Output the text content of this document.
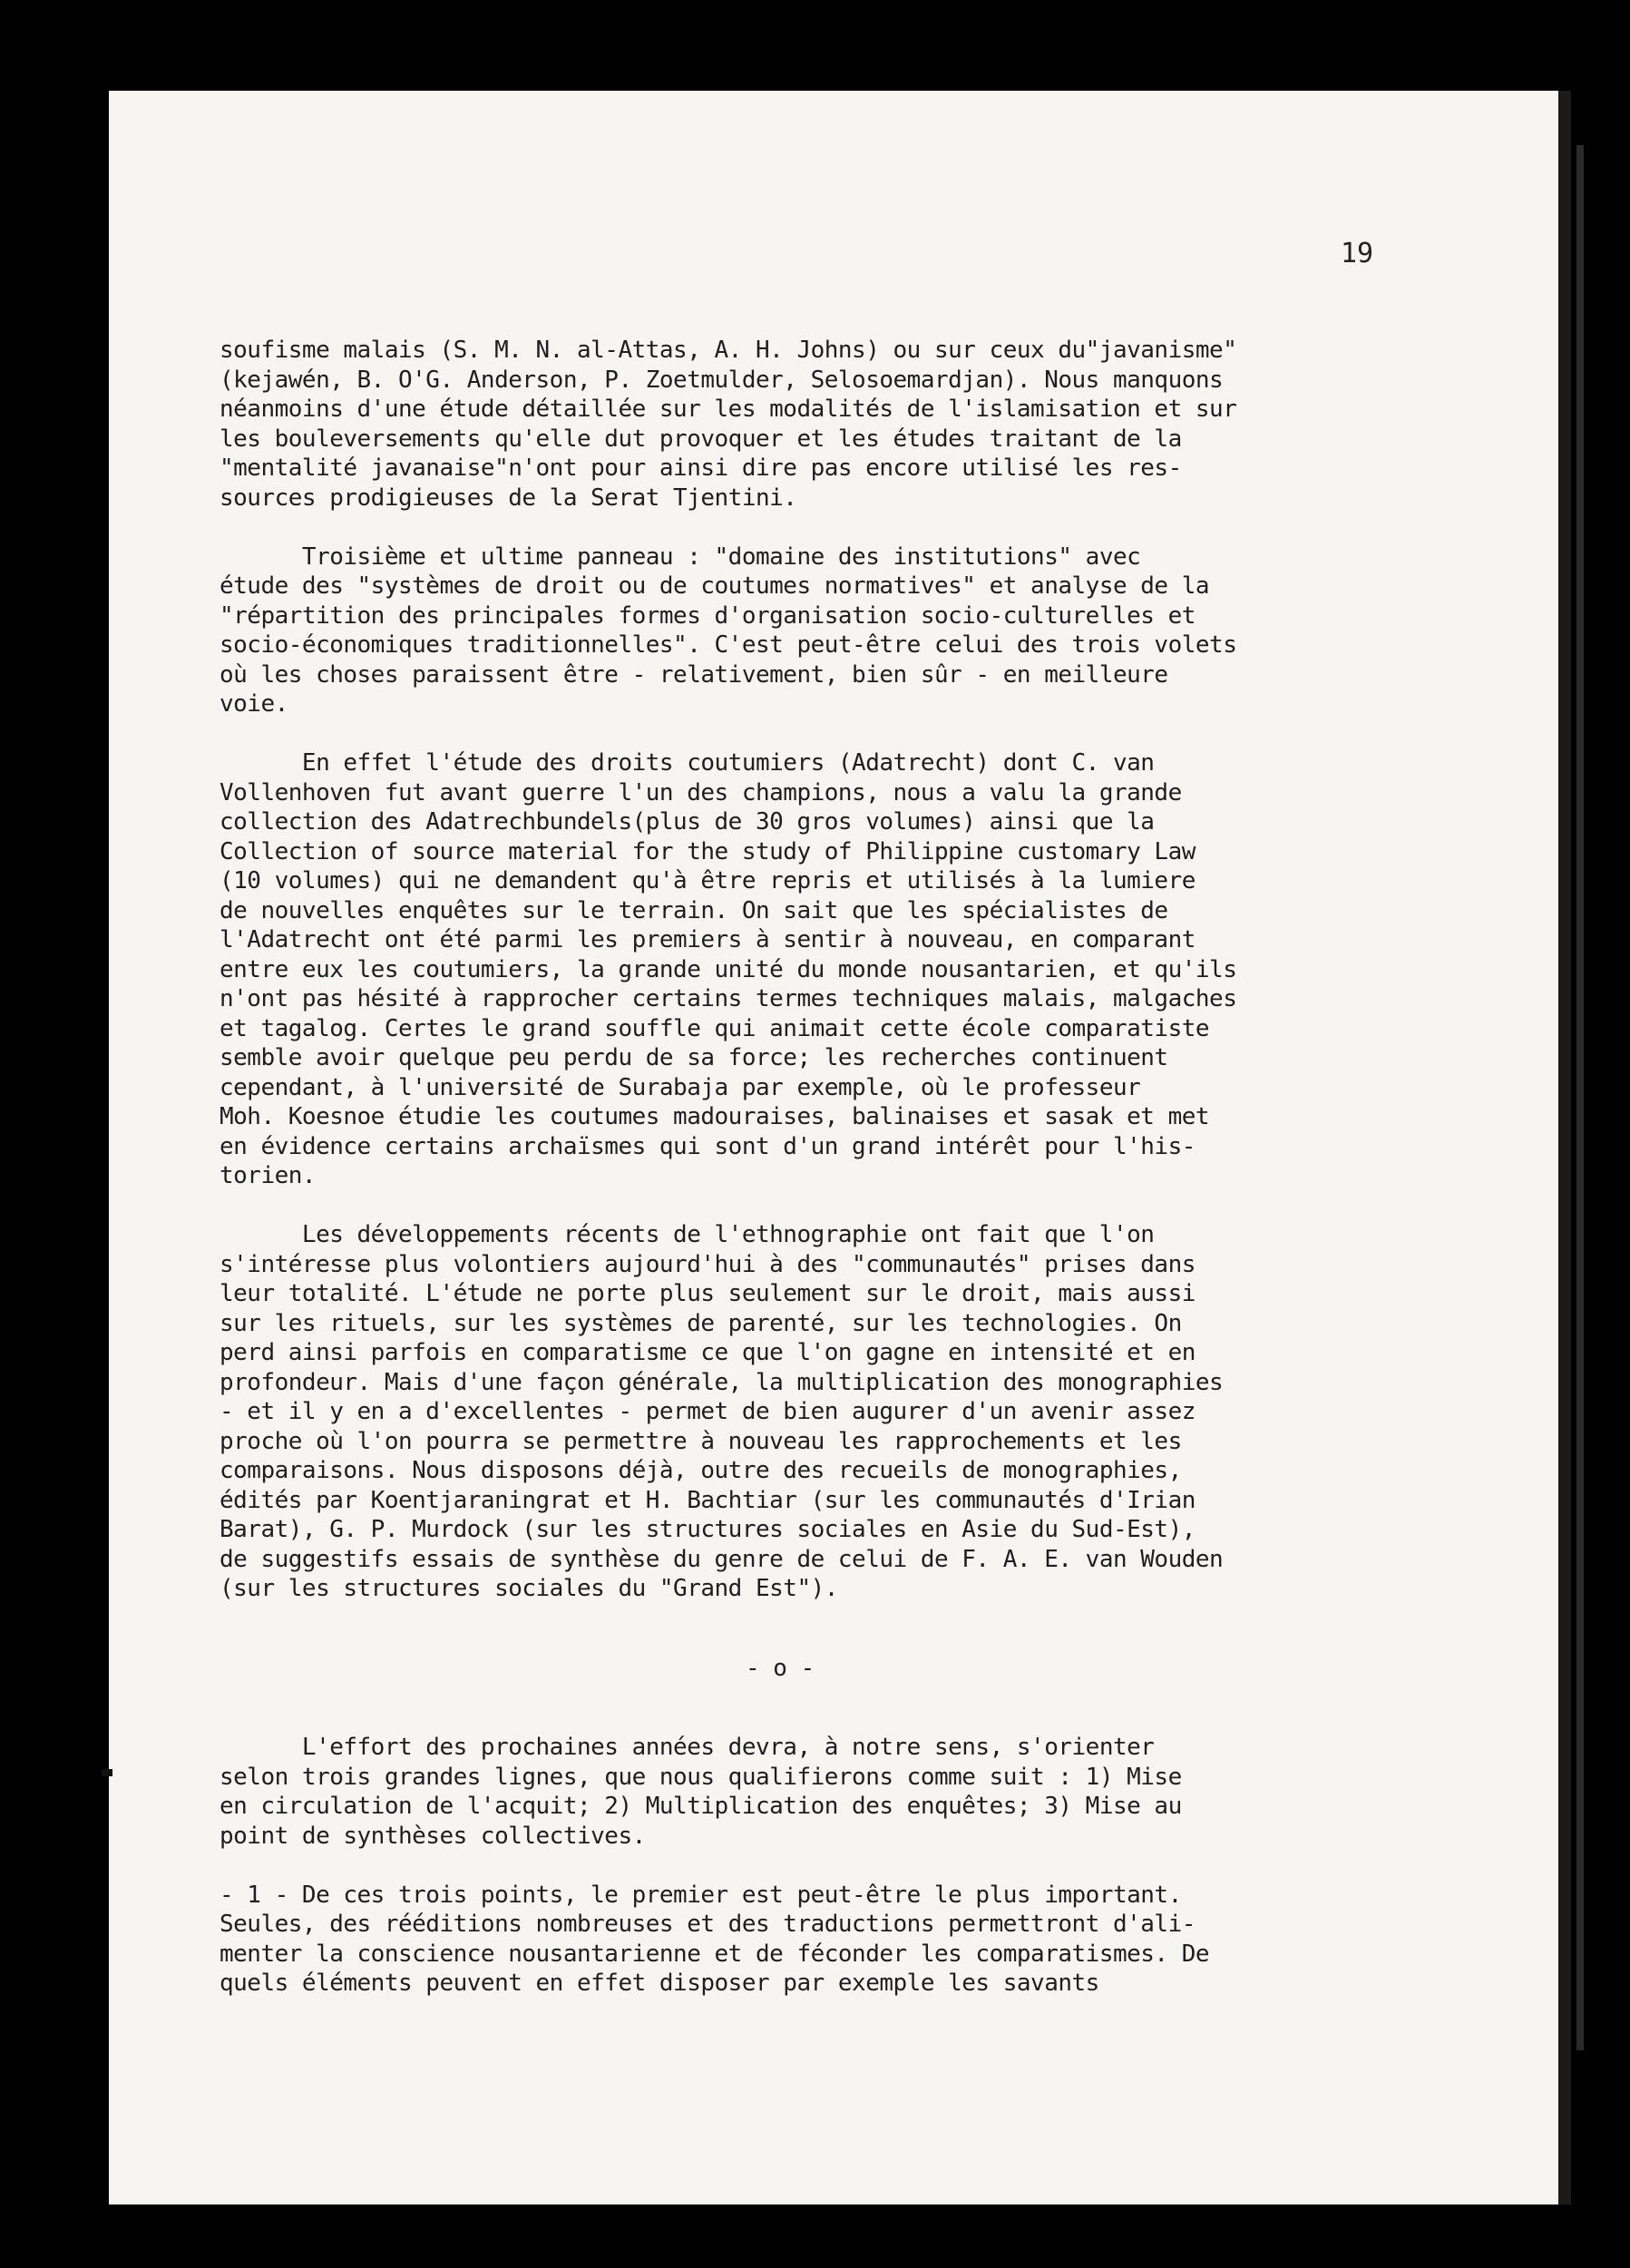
19
soufisme malais (S. M. N. al-Attas, A. H. Johns) ou sur ceux du"javanisme"
(kejawén, B. O'G. Anderson, P. Zoetmulder, Selosoemardjan). Nous manquons
néanmoins d'une étude détaillée sur les modalités de l'islamisation et sur
les bouleversements qu'elle dut provoquer et les études traitant de la
"mentalité javanaise"n'ont pour ainsi dire pas encore utilisé les res-
sources prodigieuses de la Serat Tjentini.
Troisième et ultime panneau : "domaine des institutions" avec
étude des "systèmes de droit ou de coutumes normatives" et analyse de la
"répartition des principales formes d'organisation socio-culturelles et
socio-économiques traditionnelles". C'est peut-être celui des trois volets
où les choses paraissent être - relativement, bien sûr - en meilleure
voie.
En effet l'étude des droits coutumiers (Adatrecht) dont C. van
Vollenhoven fut avant guerre l'un des champions, nous a valu la grande
collection des Adatrechbundels(plus de 30 gros volumes) ainsi que la
Collection of source material for the study of Philippine customary Law
(10 volumes) qui ne demandent qu'à être repris et utilisés à la lumiere
de nouvelles enquêtes sur le terrain. On sait que les spécialistes de
l'Adatrecht ont été parmi les premiers à sentir à nouveau, en comparant
entre eux les coutumiers, la grande unité du monde nousantarien, et qu'ils
n'ont pas hésité à rapprocher certains termes techniques malais, malgaches
et tagalog. Certes le grand souffle qui animait cette école comparatiste
semble avoir quelque peu perdu de sa force; les recherches continuent
cependant, à l'université de Surabaja par exemple, où le professeur
Moh. Koesnoe étudie les coutumes madouraises, balinaises et sasak et met
en évidence certains archaïsmes qui sont d'un grand intérêt pour l'his-
torien.
Les développements récents de l'ethnographie ont fait que l'on
s'intéresse plus volontiers aujourd'hui à des "communautés" prises dans
leur totalité. L'étude ne porte plus seulement sur le droit, mais aussi
sur les rituels, sur les systèmes de parenté, sur les technologies. On
perd ainsi parfois en comparatisme ce que l'on gagne en intensité et en
profondeur. Mais d'une façon générale, la multiplication des monographies
- et il y en a d'excellentes - permet de bien augurer d'un avenir assez
proche où l'on pourra se permettre à nouveau les rapprochements et les
comparaisons. Nous disposons déjà, outre des recueils de monographies,
édités par Koentjaraningrat et H. Bachtiar (sur les communautés d'Irian
Barat), G. P. Murdock (sur les structures sociales en Asie du Sud-Est),
de suggestifs essais de synthèse du genre de celui de F. A. E. van Wouden
(sur les structures sociales du "Grand Est").
- o -
L'effort des prochaines années devra, à notre sens, s'orienter
selon trois grandes lignes, que nous qualifierons comme suit : 1) Mise
en circulation de l'acquit; 2) Multiplication des enquêtes; 3) Mise au
point de synthèses collectives.
- 1 - De ces trois points, le premier est peut-être le plus important.
Seules, des rééditions nombreuses et des traductions permettront d'ali-
menter la conscience nousantarienne et de féconder les comparatismes. De
quels éléments peuvent en effet disposer par exemple les savants
